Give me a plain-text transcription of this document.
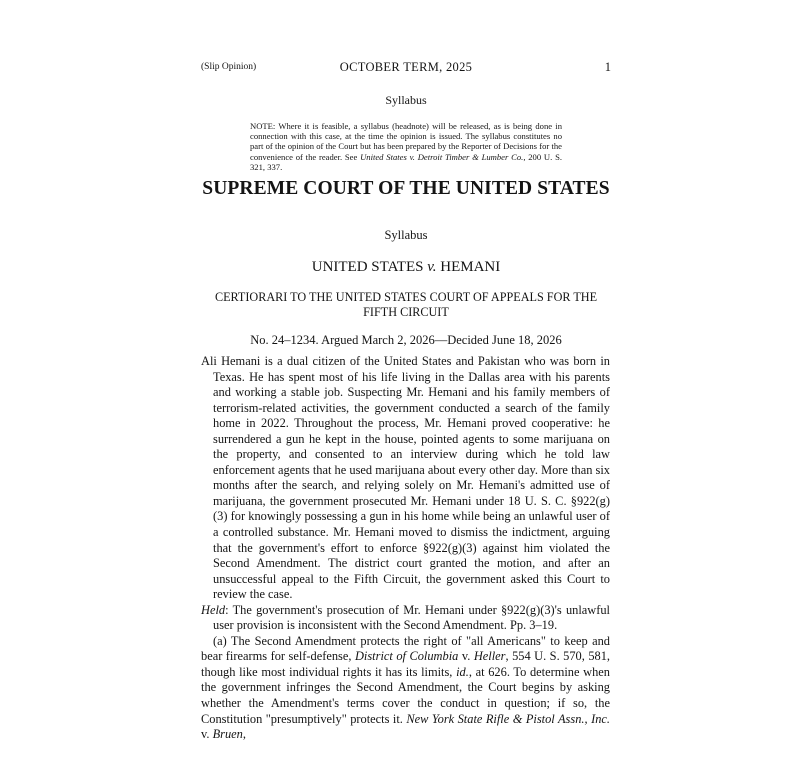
(Slip Opinion)	OCTOBER TERM, 2025	1
Syllabus
NOTE: Where it is feasible, a syllabus (headnote) will be released, as is being done in connection with this case, at the time the opinion is issued. The syllabus constitutes no part of the opinion of the Court but has been prepared by the Reporter of Decisions for the convenience of the reader. See United States v. Detroit Timber & Lumber Co., 200 U. S. 321, 337.
SUPREME COURT OF THE UNITED STATES
Syllabus
UNITED STATES v. HEMANI
CERTIORARI TO THE UNITED STATES COURT OF APPEALS FOR THE FIFTH CIRCUIT
No. 24–1234. Argued March 2, 2026—Decided June 18, 2026

Ali Hemani is a dual citizen of the United States and Pakistan who was born in Texas. He has spent most of his life living in the Dallas area with his parents and working a stable job. Suspecting Mr. Hemani and his family members of terrorism-related activities, the government conducted a search of the family home in 2022. Throughout the process, Mr. Hemani proved cooperative: he surrendered a gun he kept in the house, pointed agents to some marijuana on the property, and consented to an interview during which he told law enforcement agents that he used marijuana about every other day. More than six months after the search, and relying solely on Mr. Hemani's admitted use of marijuana, the government prosecuted Mr. Hemani under 18 U. S. C. §922(g)(3) for knowingly possessing a gun in his home while being an unlawful user of a controlled substance. Mr. Hemani moved to dismiss the indictment, arguing that the government's effort to enforce §922(g)(3) against him violated the Second Amendment. The district court granted the motion, and after an unsuccessful appeal to the Fifth Circuit, the government asked this Court to review the case.

Held: The government's prosecution of Mr. Hemani under §922(g)(3)'s unlawful user provision is inconsistent with the Second Amendment. Pp. 3–19.

(a) The Second Amendment protects the right of "all Americans" to keep and bear firearms for self-defense, District of Columbia v. Heller, 554 U. S. 570, 581, though like most individual rights it has its limits, id., at 626. To determine when the government infringes the Second Amendment, the Court begins by asking whether the Amendment's terms cover the conduct in question; if so, the Constitution "presumptively" protects it. New York State Rifle & Pistol Assn., Inc. v. Bruen,
